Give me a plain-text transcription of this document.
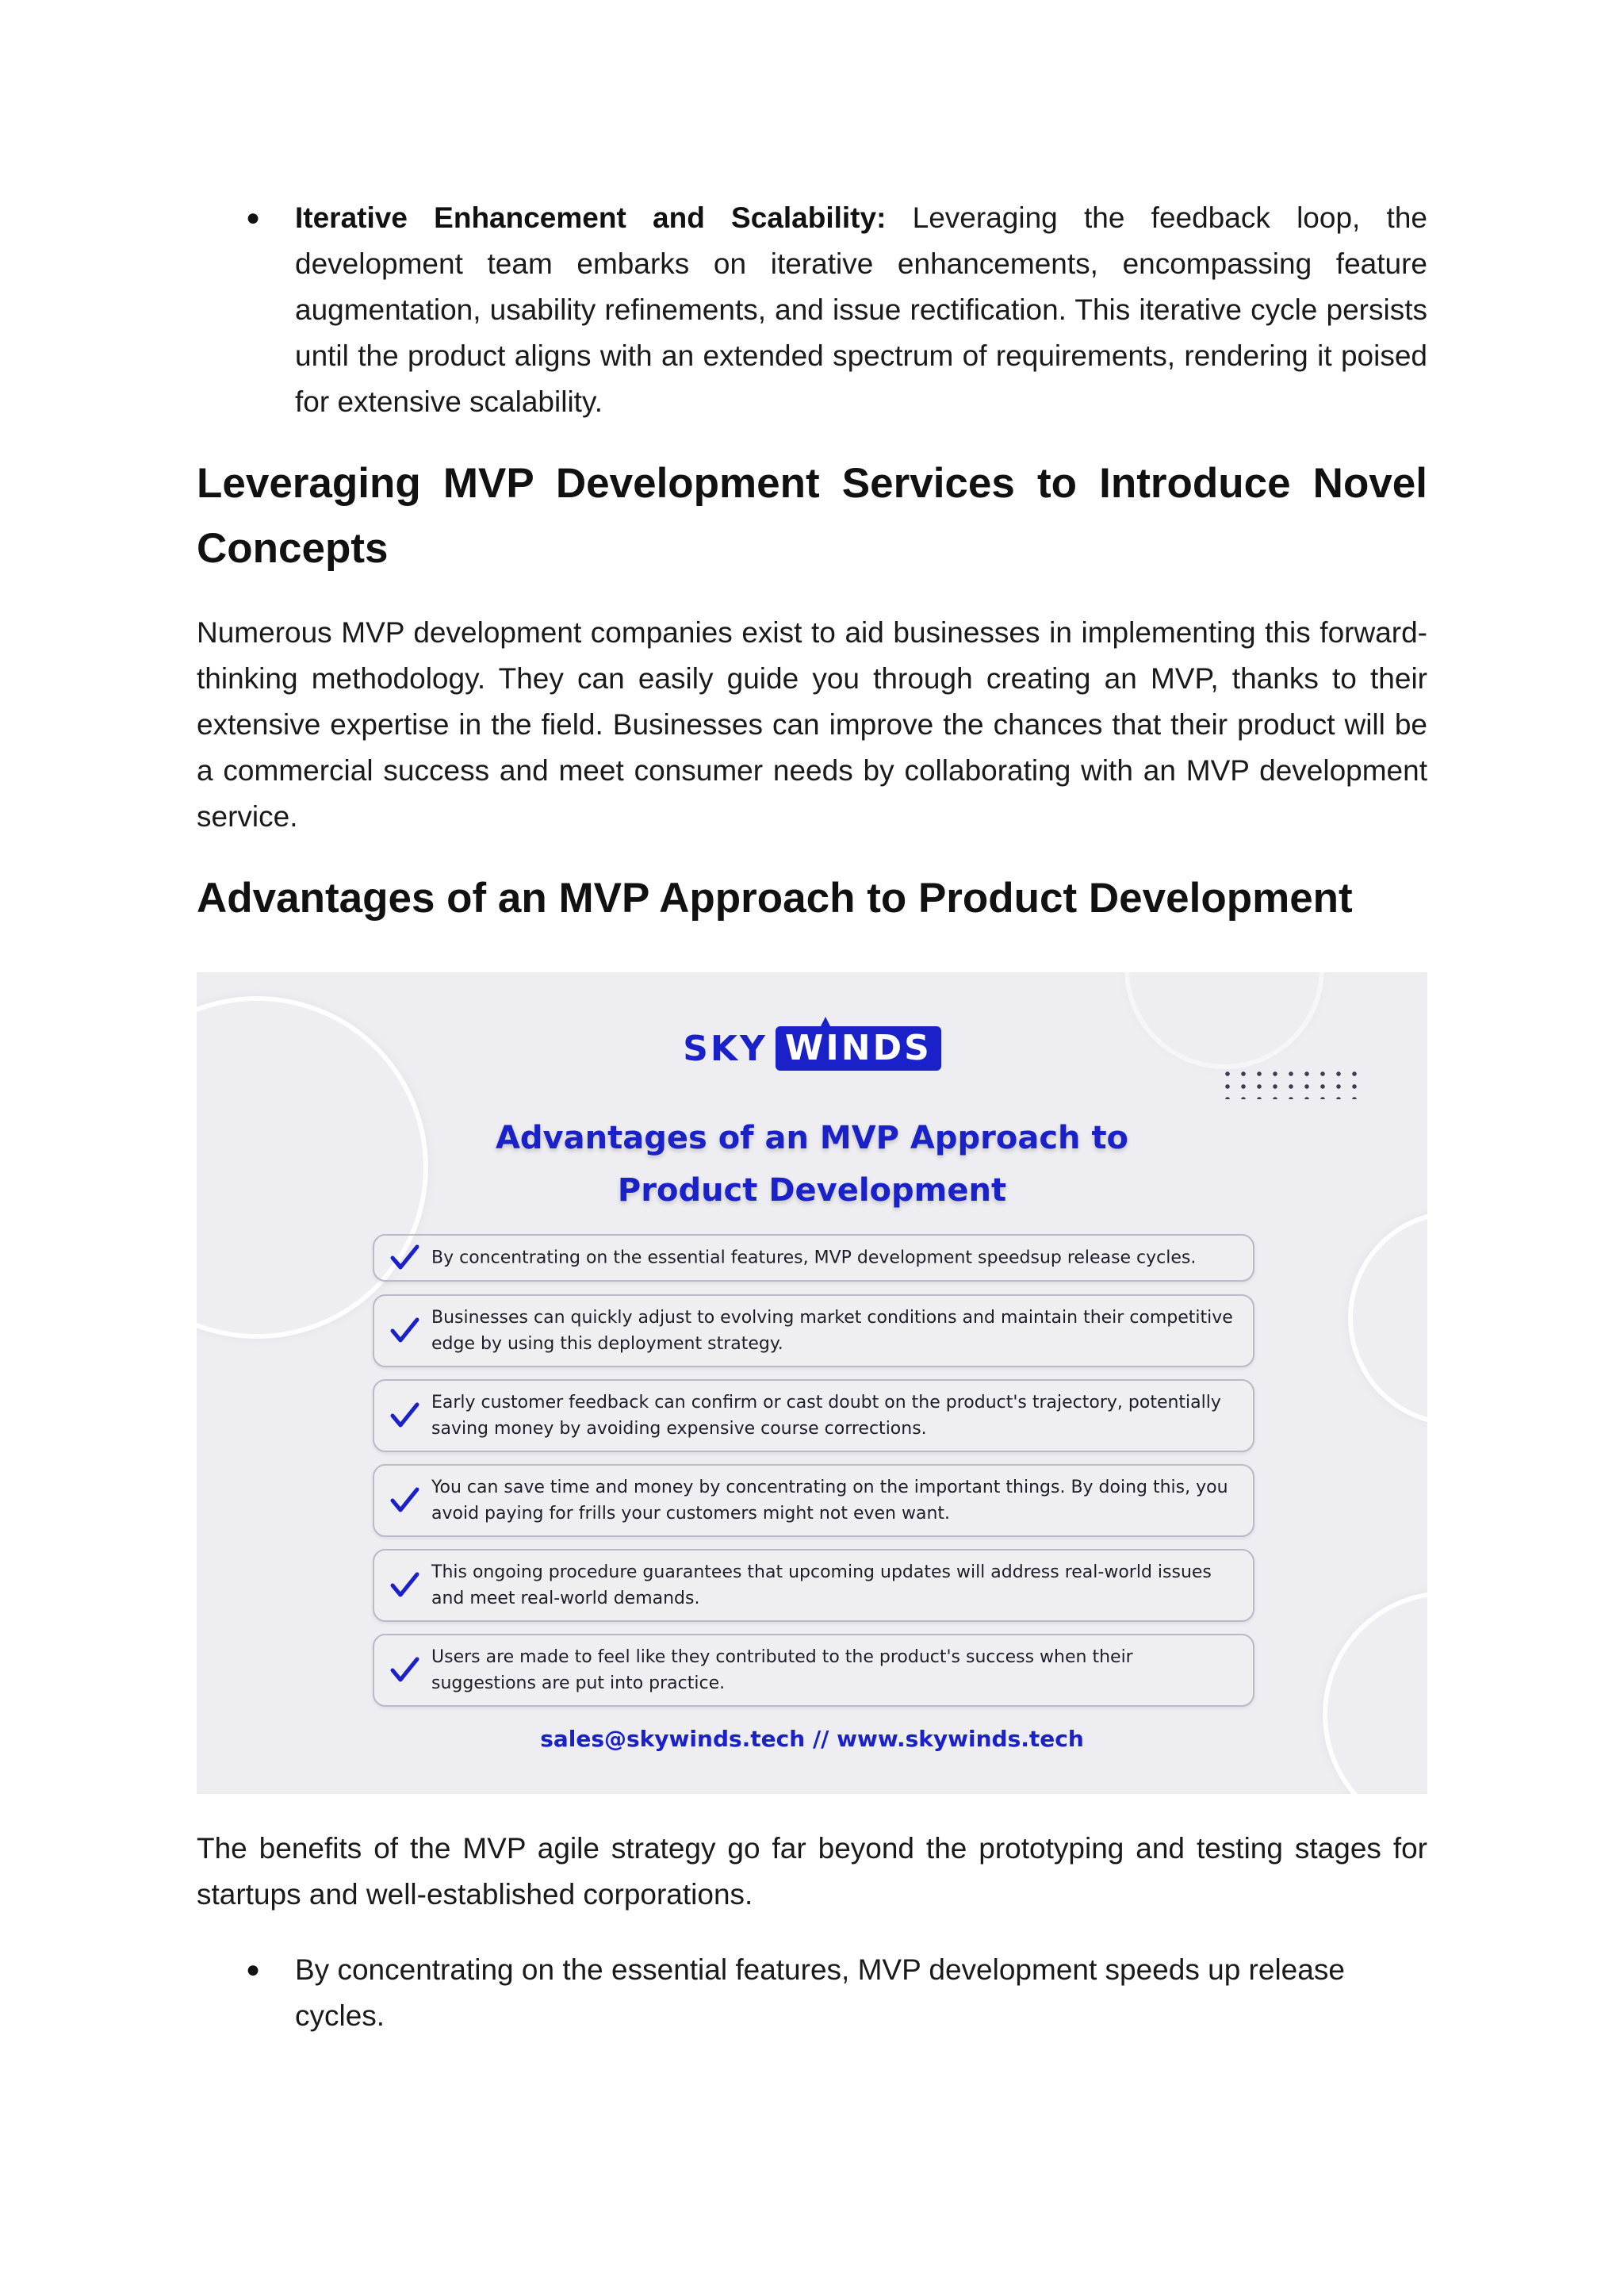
● Iterative Enhancement and Scalability: Leveraging the feedback loop, the development team embarks on iterative enhancements, encompassing feature augmentation, usability refinements, and issue rectification. This iterative cycle persists until the product aligns with an extended spectrum of requirements, rendering it poised for extensive scalability.

Leveraging MVP Development Services to Introduce Novel Concepts

Numerous MVP development companies exist to aid businesses in implementing this forward-thinking methodology. They can easily guide you through creating an MVP, thanks to their extensive expertise in the field. Businesses can improve the chances that their product will be a commercial success and meet consumer needs by collaborating with an MVP development service.

Advantages of an MVP Approach to Product Development
SKY WINDS

Advantages of an MVP Approach to

Product Development

By concentrating on the essential features, MVP development speedsup release cycles.

Businesses can quickly adjust to evolving market conditions and maintain their competitive edge by using this deployment strategy.

Early customer feedback can confirm or cast doubt on the product's trajectory, potentially saving money by avoiding expensive course corrections.

You can save time and money by concentrating on the important things. By doing this, you avoid paying for frills your customers might not even want.

This ongoing procedure guarantees that upcoming updates will address real-world issues and meet real-world demands.

Users are made to feel like they contributed to the product's success when their suggestions are put into practice.

sales@skywinds.tech // www.skywinds.tech

The benefits of the MVP agile strategy go far beyond the prototyping and testing stages for startups and well-established corporations.

● By concentrating on the essential features, MVP development speeds up release cycles.
